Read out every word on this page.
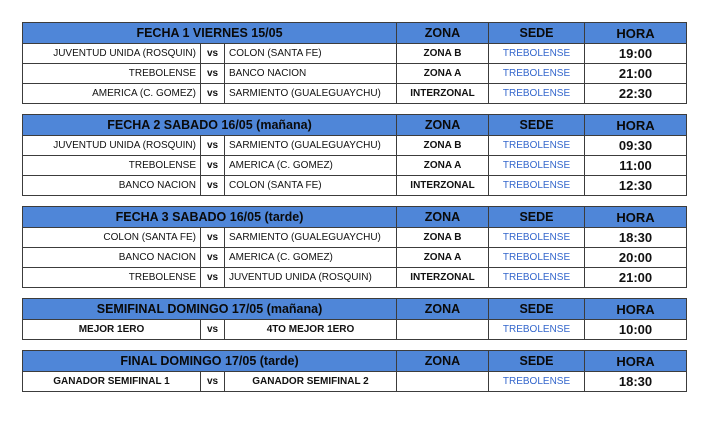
FECHA 1 VIERNES 15/05			ZONA	SEDE	HORA
JUVENTUD UNIDA (ROSQUIN)	vs	COLON (SANTA FE)	ZONA B	TREBOLENSE	19:00
TREBOLENSE	vs	BANCO NACION	ZONA A	TREBOLENSE	21:00
AMERICA (C. GOMEZ)	vs	SARMIENTO (GUALEGUAYCHU)	INTERZONAL	TREBOLENSE	22:30
FECHA 2 SABADO 16/05 (mañana)			ZONA	SEDE	HORA
JUVENTUD UNIDA (ROSQUIN)	vs	SARMIENTO (GUALEGUAYCHU)	ZONA B	TREBOLENSE	09:30
TREBOLENSE	vs	AMERICA (C. GOMEZ)	ZONA A	TREBOLENSE	11:00
BANCO NACION	vs	COLON (SANTA FE)	INTERZONAL	TREBOLENSE	12:30
FECHA 3 SABADO 16/05 (tarde)			ZONA	SEDE	HORA
COLON (SANTA FE)	vs	SARMIENTO (GUALEGUAYCHU)	ZONA B	TREBOLENSE	18:30
BANCO NACION	vs	AMERICA (C. GOMEZ)	ZONA A	TREBOLENSE	20:00
TREBOLENSE	vs	JUVENTUD UNIDA (ROSQUIN)	INTERZONAL	TREBOLENSE	21:00
SEMIFINAL DOMINGO 17/05 (mañana)			ZONA	SEDE	HORA
MEJOR 1ERO	vs	4TO MEJOR 1ERO		TREBOLENSE	10:00
FINAL DOMINGO 17/05 (tarde)			ZONA	SEDE	HORA
GANADOR SEMIFINAL 1	vs	GANADOR SEMIFINAL 2		TREBOLENSE	18:30
